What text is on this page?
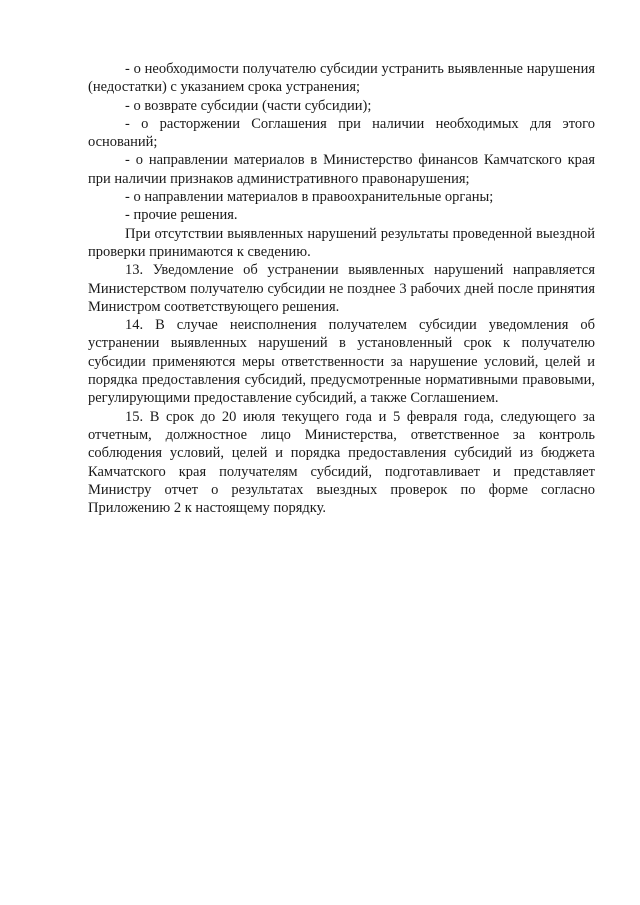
- о необходимости получателю субсидии устранить выявленные нарушения (недостатки) с указанием срока устранения;

- о возврате субсидии (части субсидии);

- о расторжении Соглашения при наличии необходимых для этого оснований;

- о направлении материалов в Министерство финансов Камчатского края при наличии признаков административного правонарушения;

- о направлении материалов в правоохранительные органы;

- прочие решения.

При отсутствии выявленных нарушений результаты проведенной выездной проверки принимаются к сведению.

13. Уведомление об устранении выявленных нарушений направляется Министерством получателю субсидии не позднее 3 рабочих дней после принятия Министром соответствующего решения.

14. В случае неисполнения получателем субсидии уведомления об устранении выявленных нарушений в установленный срок к получателю субсидии применяются меры ответственности за нарушение условий, целей и порядка предоставления субсидий, предусмотренные нормативными правовыми, регулирующими предоставление субсидий, а также Соглашением.

15. В срок до 20 июля текущего года и 5 февраля года, следующего за отчетным, должностное лицо Министерства, ответственное за контроль соблюдения условий, целей и порядка предоставления субсидий из бюджета Камчатского края получателям субсидий, подготавливает и представляет Министру отчет о результатах выездных проверок по форме согласно Приложению 2 к настоящему порядку.
